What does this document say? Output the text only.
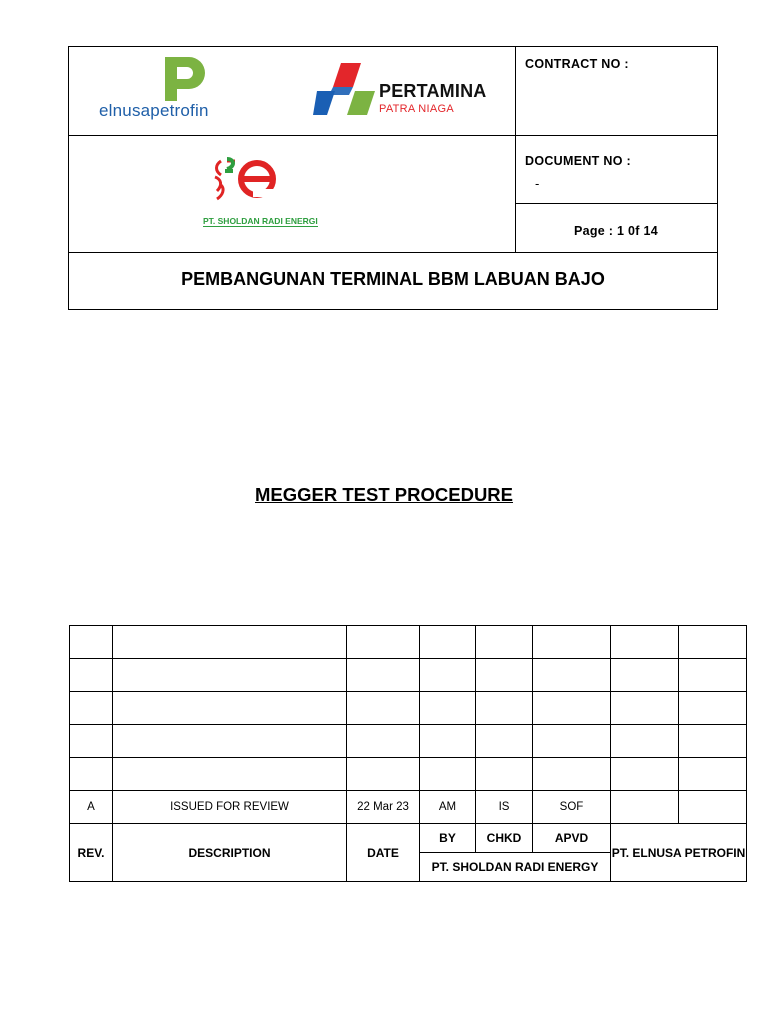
elnusapetrofin
PERTAMINA
PATRA NIAGA
PT. SHOLDAN RADI ENERGI
CONTRACT NO :
DOCUMENT NO :
-
Page : 1 0f 14
PEMBANGUNAN TERMINAL BBM LABUAN BAJO
MEGGER TEST PROCEDURE

A	ISSUED FOR REVIEW	22 Mar 23	AM	IS	SOF		
REV.	DESCRIPTION	DATE	BY	CHKD	APVD	PT. ELNUSA PETROFIN	
			PT. SHOLDAN RADI ENERGY				
